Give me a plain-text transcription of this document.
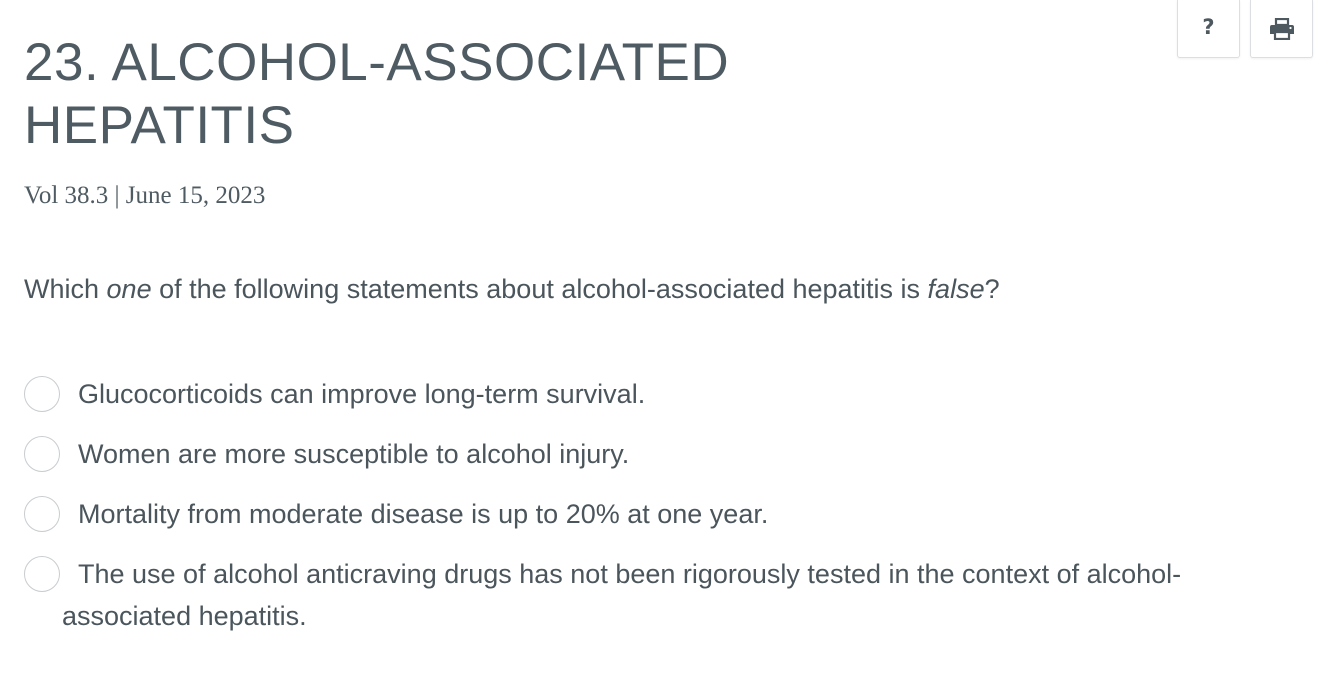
?
23. ALCOHOL-ASSOCIATED HEPATITIS

Vol 38.3 | June 15, 2023

Which one of the following statements about alcohol-associated hepatitis is false?

Glucocorticoids can improve long-term survival.
Women are more susceptible to alcohol injury.
Mortality from moderate disease is up to 20% at one year.
The use of alcohol anticraving drugs has not been rigorously tested in the context of alcohol-associated hepatitis.
